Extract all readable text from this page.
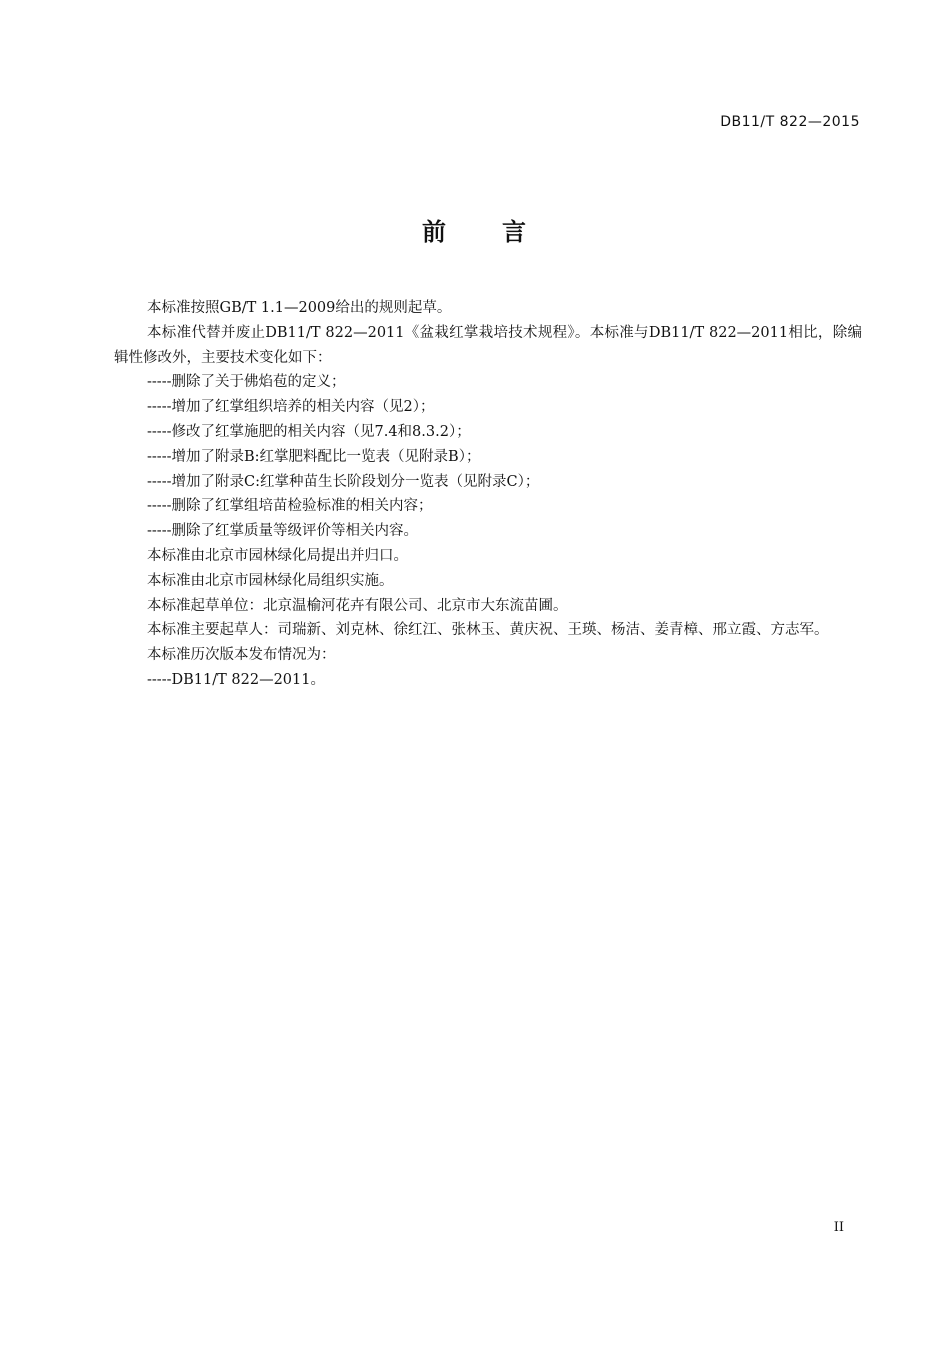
DB11/T 822—2015
前 言

本标准按照GB/T 1.1—2009给出的规则起草。

本标准代替并废止DB11/T 822—2011《盆栽红掌栽培技术规程》。本标准与DB11/T 822—2011相比，除编辑性修改外，主要技术变化如下：

-----删除了关于佛焰苞的定义；

-----增加了红掌组织培养的相关内容（见2）；

-----修改了红掌施肥的相关内容（见7.4和8.3.2）；

-----增加了附录B:红掌肥料配比一览表（见附录B）；

-----增加了附录C:红掌种苗生长阶段划分一览表（见附录C）；

-----删除了红掌组培苗检验标准的相关内容；

-----删除了红掌质量等级评价等相关内容。

本标准由北京市园林绿化局提出并归口。

本标准由北京市园林绿化局组织实施。

本标准起草单位：北京温榆河花卉有限公司、北京市大东流苗圃。

本标准主要起草人：司瑞新、刘克林、徐红江、张林玉、黄庆祝、王瑛、杨洁、姜青樟、邢立霞、方志军。

本标准历次版本发布情况为：

-----DB11/T 822—2011。

II
